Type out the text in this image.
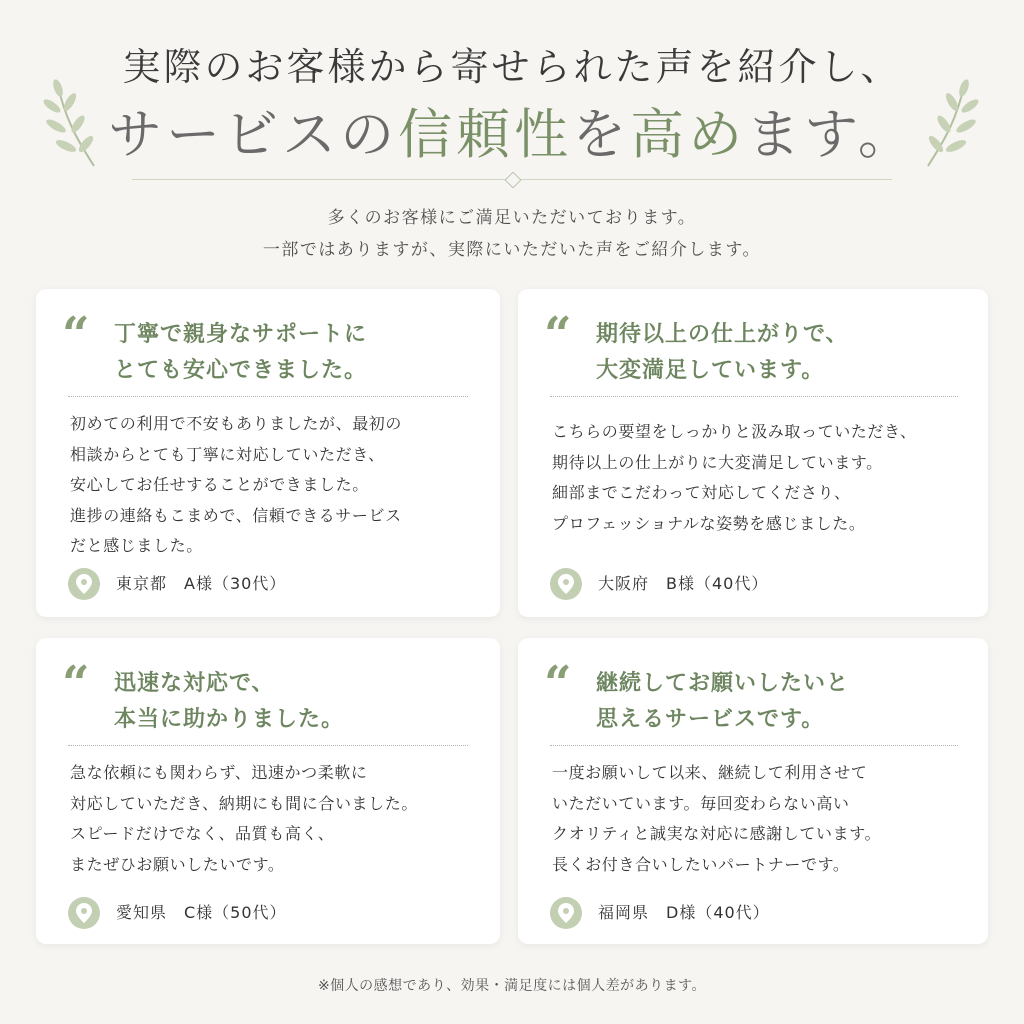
実際のお客様から寄せられた声を紹介し、
サービスの信頼性を高めます。
多くのお客様にご満足いただいております。
一部ではありますが、実際にいただいた声をご紹介します。
“ 丁寧で親身なサポートに
とても安心できました。
初めての利用で不安もありましたが、最初の
相談からとても丁寧に対応していただき、
安心してお任せすることができました。
進捗の連絡もこまめで、信頼できるサービス
だと感じました。
東京都　A様（30代）
“ 期待以上の仕上がりで、
大変満足しています。
こちらの要望をしっかりと汲み取っていただき、
期待以上の仕上がりに大変満足しています。
細部までこだわって対応してくださり、
プロフェッショナルな姿勢を感じました。
大阪府　B様（40代）
“ 迅速な対応で、
本当に助かりました。
急な依頼にも関わらず、迅速かつ柔軟に
対応していただき、納期にも間に合いました。
スピードだけでなく、品質も高く、
またぜひお願いしたいです。
愛知県　C様（50代）
“ 継続してお願いしたいと
思えるサービスです。
一度お願いして以来、継続して利用させて
いただいています。毎回変わらない高い
クオリティと誠実な対応に感謝しています。
長くお付き合いしたいパートナーです。
福岡県　D様（40代）
※個人の感想であり、効果・満足度には個人差があります。
